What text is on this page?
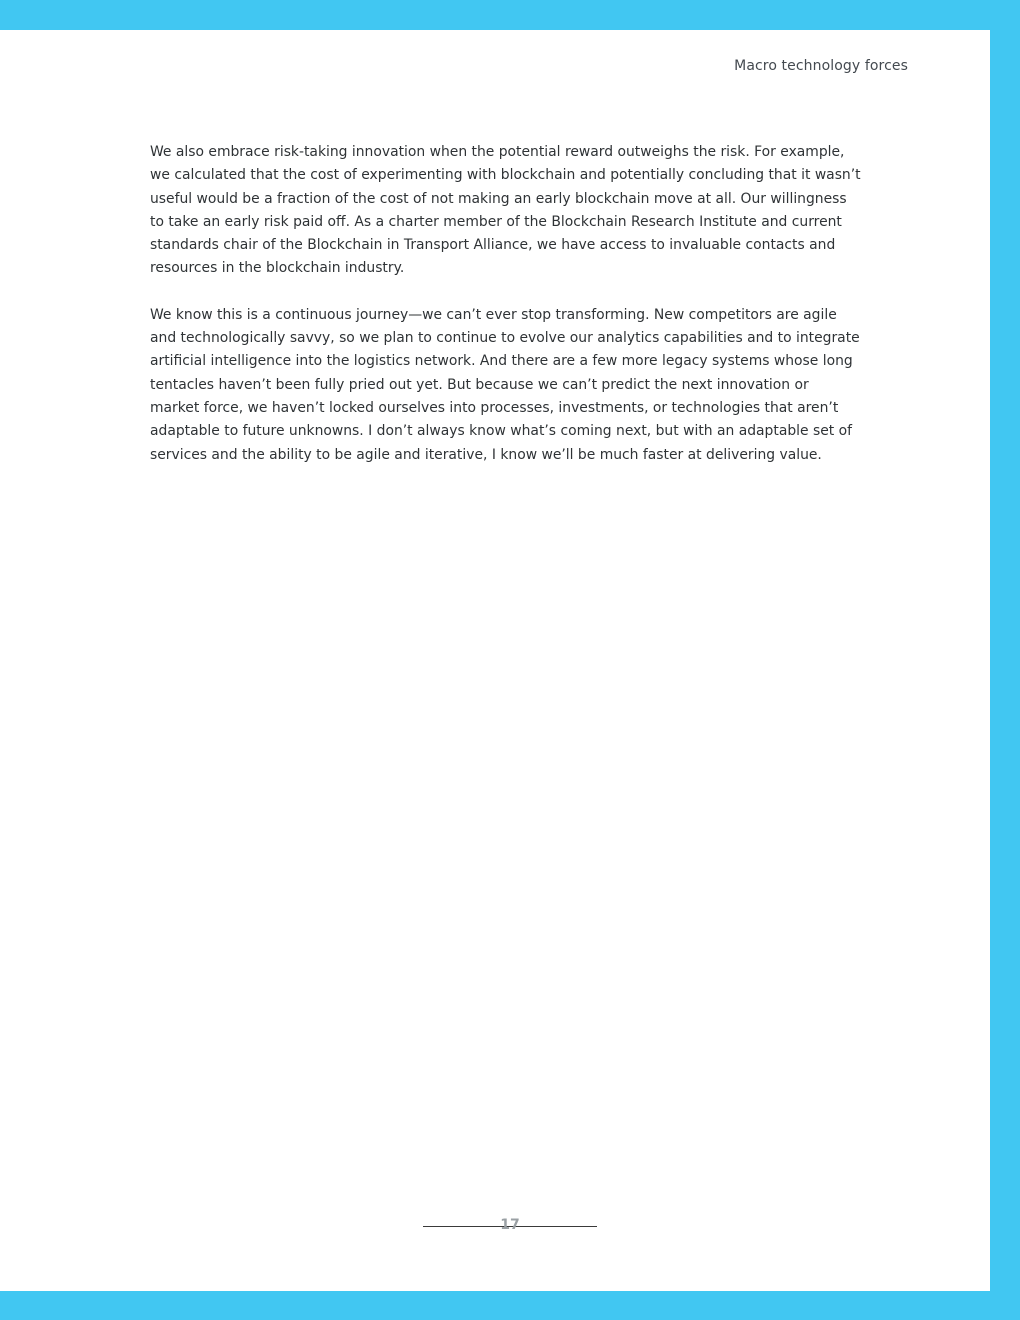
Macro technology forces

We also embrace risk-taking innovation when the potential reward outweighs the risk. For example, we calculated that the cost of experimenting with blockchain and potentially concluding that it wasn’t useful would be a fraction of the cost of not making an early blockchain move at all. Our willingness to take an early risk paid off. As a charter member of the Blockchain Research Institute and current standards chair of the Blockchain in Transport Alliance, we have access to invaluable contacts and resources in the blockchain industry.

We know this is a continuous journey—we can’t ever stop transforming. New competitors are agile and technologically savvy, so we plan to continue to evolve our analytics capabilities and to integrate artificial intelligence into the logistics network. And there are a few more legacy systems whose long tentacles haven’t been fully pried out yet. But because we can’t predict the next innovation or market force, we haven’t locked ourselves into processes, investments, or technologies that aren’t adaptable to future unknowns. I don’t always know what’s coming next, but with an adaptable set of services and the ability to be agile and iterative, I know we’ll be much faster at delivering value.

17
